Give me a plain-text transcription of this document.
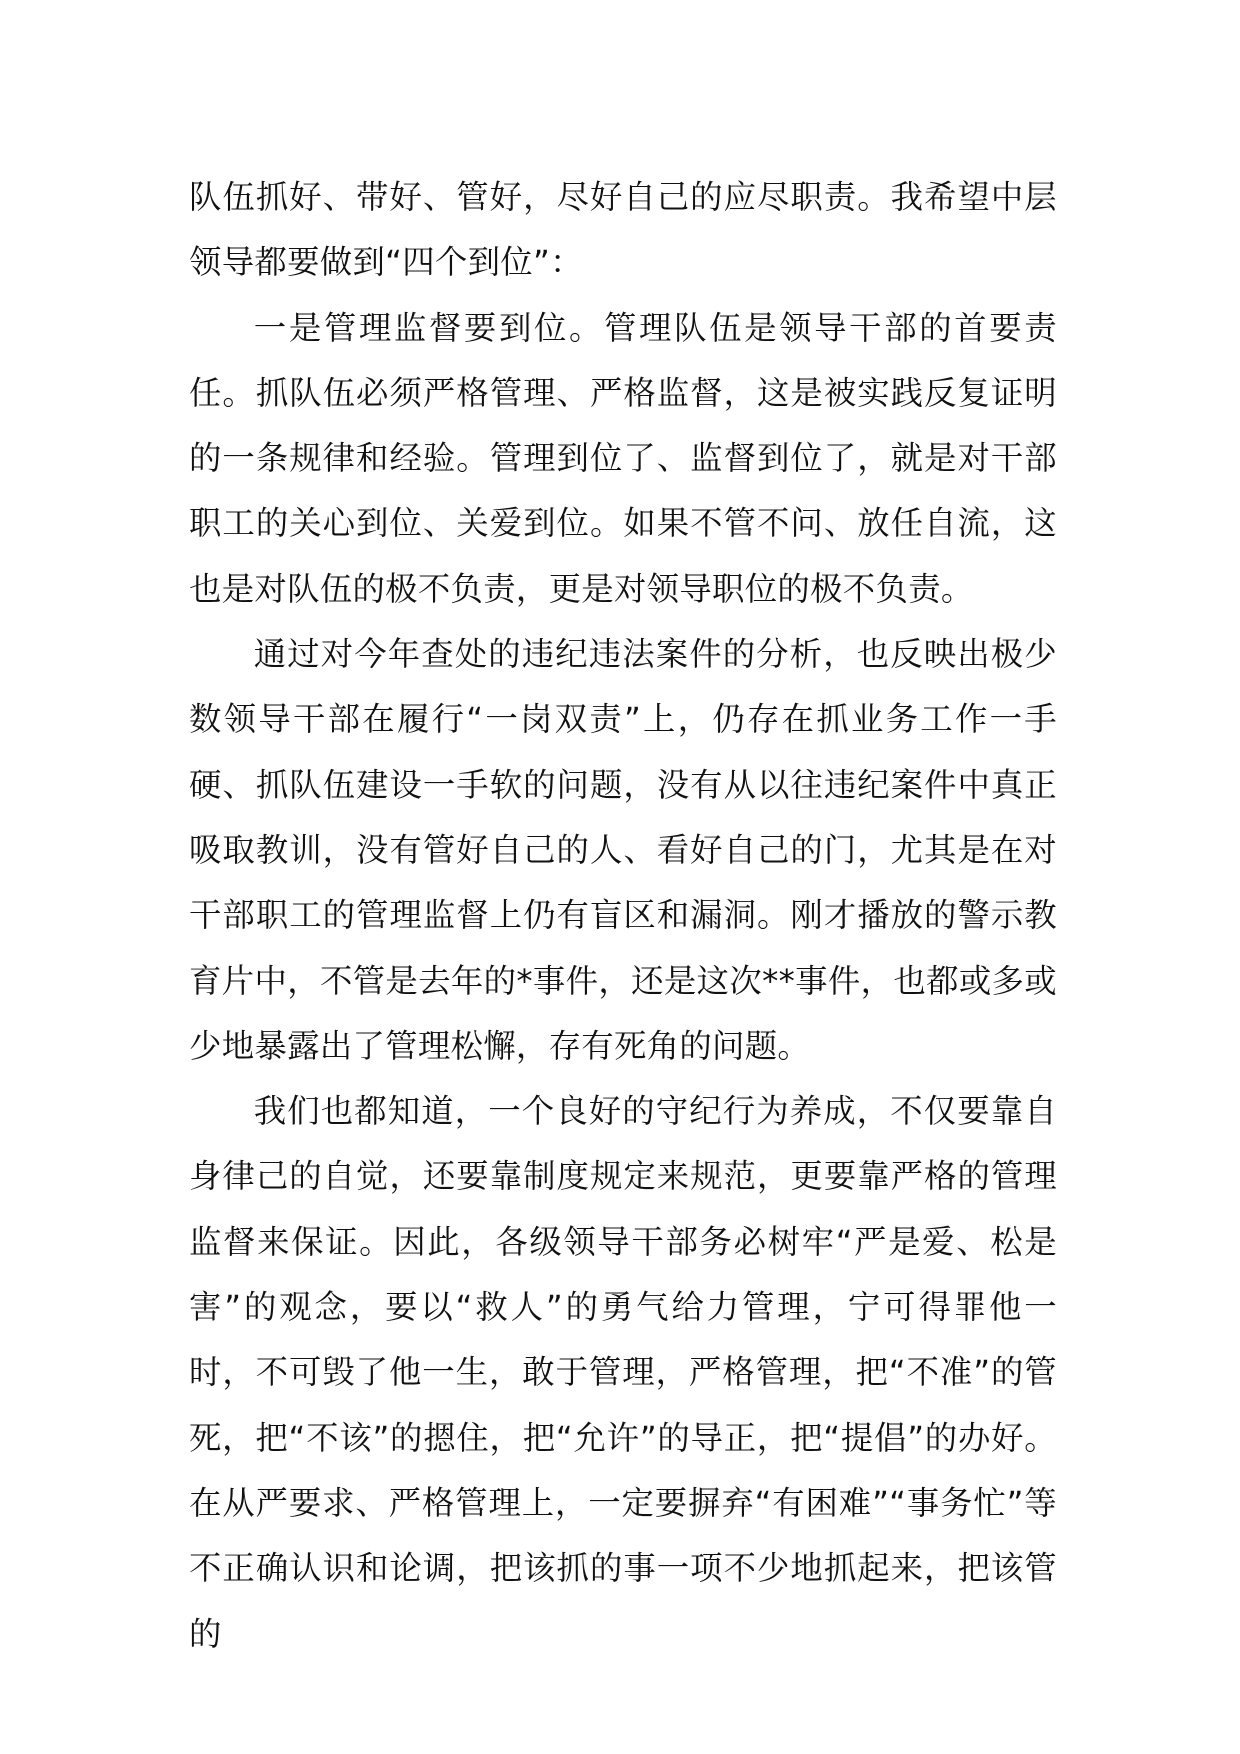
队伍抓好、带好、管好，尽好自己的应尽职责。我希望中层领导都要做到“四个到位”：

一是管理监督要到位。管理队伍是领导干部的首要责任。抓队伍必须严格管理、严格监督，这是被实践反复证明的一条规律和经验。管理到位了、监督到位了，就是对干部职工的关心到位、关爱到位。如果不管不问、放任自流，这也是对队伍的极不负责，更是对领导职位的极不负责。

通过对今年查处的违纪违法案件的分析，也反映出极少数领导干部在履行“一岗双责”上，仍存在抓业务工作一手硬、抓队伍建设一手软的问题，没有从以往违纪案件中真正吸取教训，没有管好自己的人、看好自己的门，尤其是在对干部职工的管理监督上仍有盲区和漏洞。刚才播放的警示教育片中，不管是去年的*事件，还是这次**事件，也都或多或少地暴露出了管理松懈，存有死角的问题。

我们也都知道，一个良好的守纪行为养成，不仅要靠自身律己的自觉，还要靠制度规定来规范，更要靠严格的管理监督来保证。因此，各级领导干部务必树牢“严是爱、松是害”的观念，要以“救人”的勇气给力管理，宁可得罪他一时，不可毁了他一生，敢于管理，严格管理，把“不准”的管死，把“不该”的摁住，把“允许”的导正，把“提倡”的办好。在从严要求、严格管理上，一定要摒弃“有困难”“事务忙”等不正确认识和论调，把该抓的事一项不少地抓起来，把该管的
